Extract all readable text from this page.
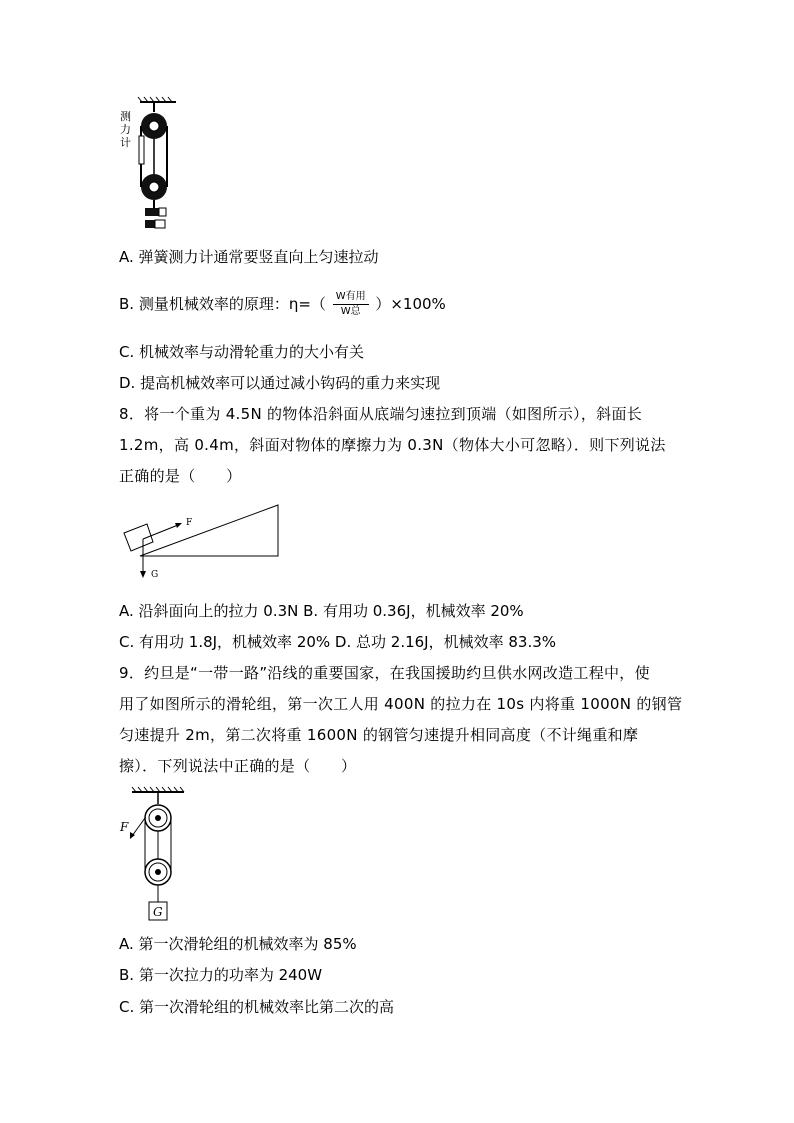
测
力
计
A. 弹簧测力计通常要竖直向上匀速拉动
B. 测量机械效率的原理：$\eta=( \frac{\text{W有用}}{\text{W总}} )\times 100\%$
C. 机械效率与动滑轮重力的大小有关
D. 提高机械效率可以通过减小钩码的重力来实现
8．将一个重为 4.5N 的物体沿斜面从底端匀速拉到顶端（如图所示），斜面长
1.2m，高 0.4m，斜面对物体的摩擦力为 0.3N（物体大小可忽略）．则下列说法
正确的是（　　）
F
G
A. 沿斜面向上的拉力 0.3N B. 有用功 0.36J，机械效率 20%
C. 有用功 1.8J，机械效率 20% D. 总功 2.16J，机械效率 83.3%
9．约旦是“一带一路”沿线的重要国家，在我国援助约旦供水网改造工程中，使
用了如图所示的滑轮组，第一次工人用 400N 的拉力在 10s 内将重 1000N 的钢管
匀速提升 2m，第二次将重 1600N 的钢管匀速提升相同高度（不计绳重和摩
擦）．下列说法中正确的是（　　）
F
G
A. 第一次滑轮组的机械效率为 85%
B. 第一次拉力的功率为 240W
C. 第一次滑轮组的机械效率比第二次的高
